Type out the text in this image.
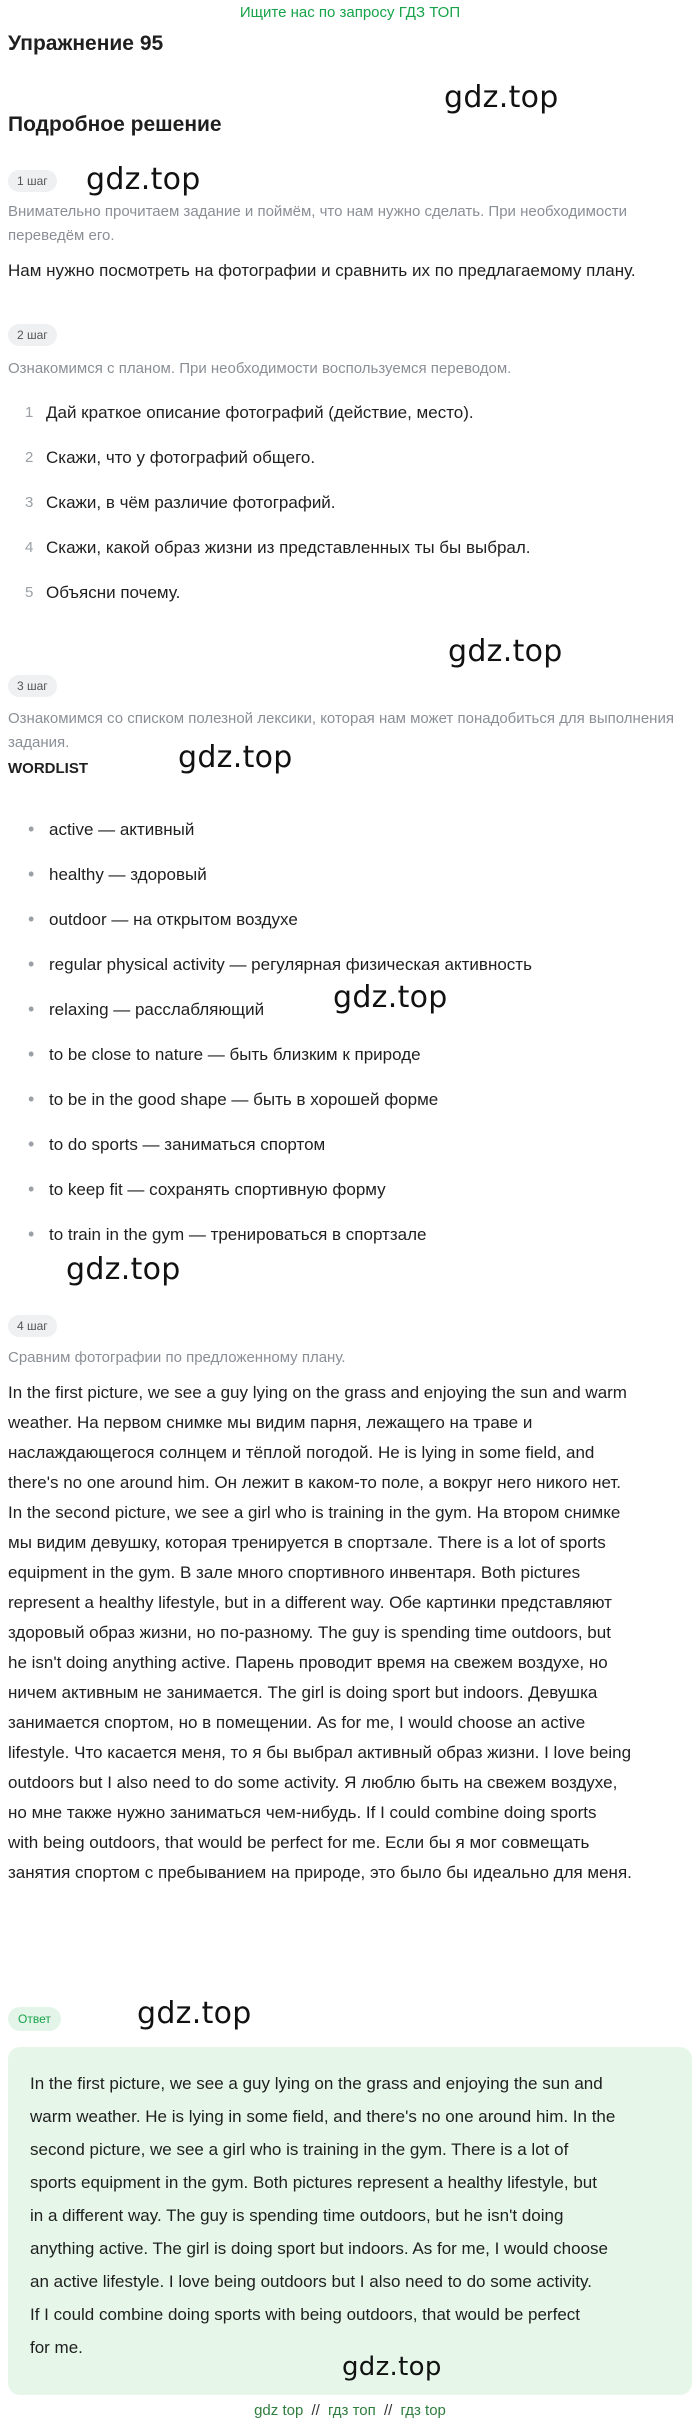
Ищите нас по запросу ГДЗ ТОП
Упражнение 95
gdz.top
Подробное решение
1 шаг	gdz.top
Внимательно прочитаем задание и поймём, что нам нужно сделать. При необходимости переведём его.
Нам нужно посмотреть на фотографии и сравнить их по предлагаемому плану.
2 шаг
Ознакомимся с планом. При необходимости воспользуемся переводом.
1 Дай краткое описание фотографий (действие, место).
2 Скажи, что у фотографий общего.
3 Скажи, в чём различие фотографий.
4 Скажи, какой образ жизни из представленных ты бы выбрал.
5 Объясни почему.
gdz.top
3 шаг
Ознакомимся со списком полезной лексики, которая нам может понадобиться для выполнения задания.	gdz.top
WORDLIST
• active — активный
• healthy — здоровый
• outdoor — на открытом воздухе
• regular physical activity — регулярная физическая активность
• relaxing — расслабляющий
• to be close to nature — быть близким к природе
• to be in the good shape — быть в хорошей форме
• to do sports — заниматься спортом
• to keep fit — сохранять спортивную форму
• to train in the gym — тренироваться в спортзале
gdz.top
gdz.top
4 шаг
Сравним фотографии по предложенному плану.
In the first picture, we see a guy lying on the grass and enjoying the sun and warm
weather. На первом снимке мы видим парня, лежащего на траве и
наслаждающегося солнцем и тёплой погодой. He is lying in some field, and
there's no one around him. Он лежит в каком-то поле, а вокруг него никого нет.
In the second picture, we see a girl who is training in the gym. На втором снимке
мы видим девушку, которая тренируется в спортзале. There is a lot of sports
equipment in the gym. В зале много спортивного инвентаря. Both pictures
represent a healthy lifestyle, but in a different way. Обе картинки представляют
здоровый образ жизни, но по-разному. The guy is spending time outdoors, but
he isn't doing anything active. Парень проводит время на свежем воздухе, но
ничем активным не занимается. The girl is doing sport but indoors. Девушка
занимается спортом, но в помещении. As for me, I would choose an active
lifestyle. Что касается меня, то я бы выбрал активный образ жизни. I love being
outdoors but I also need to do some activity. Я люблю быть на свежем воздухе,
но мне также нужно заниматься чем-нибудь. If I could combine doing sports
with being outdoors, that would be perfect for me. Если бы я мог совмещать
занятия спортом с пребыванием на природе, это было бы идеально для меня.
Ответ	gdz.top

In the first picture, we see a guy lying on the grass and enjoying the sun and

warm weather. He is lying in some field, and there's no one around him. In the

second picture, we see a girl who is training in the gym. There is a lot of

sports equipment in the gym. Both pictures represent a healthy lifestyle, but

in a different way. The guy is spending time outdoors, but he isn't doing

anything active. The girl is doing sport but indoors. As for me, I would choose

an active lifestyle. I love being outdoors but I also need to do some activity.

If I could combine doing sports with being outdoors, that would be perfect

for me.

gdz.top
gdz top // гдз топ // гдз top
